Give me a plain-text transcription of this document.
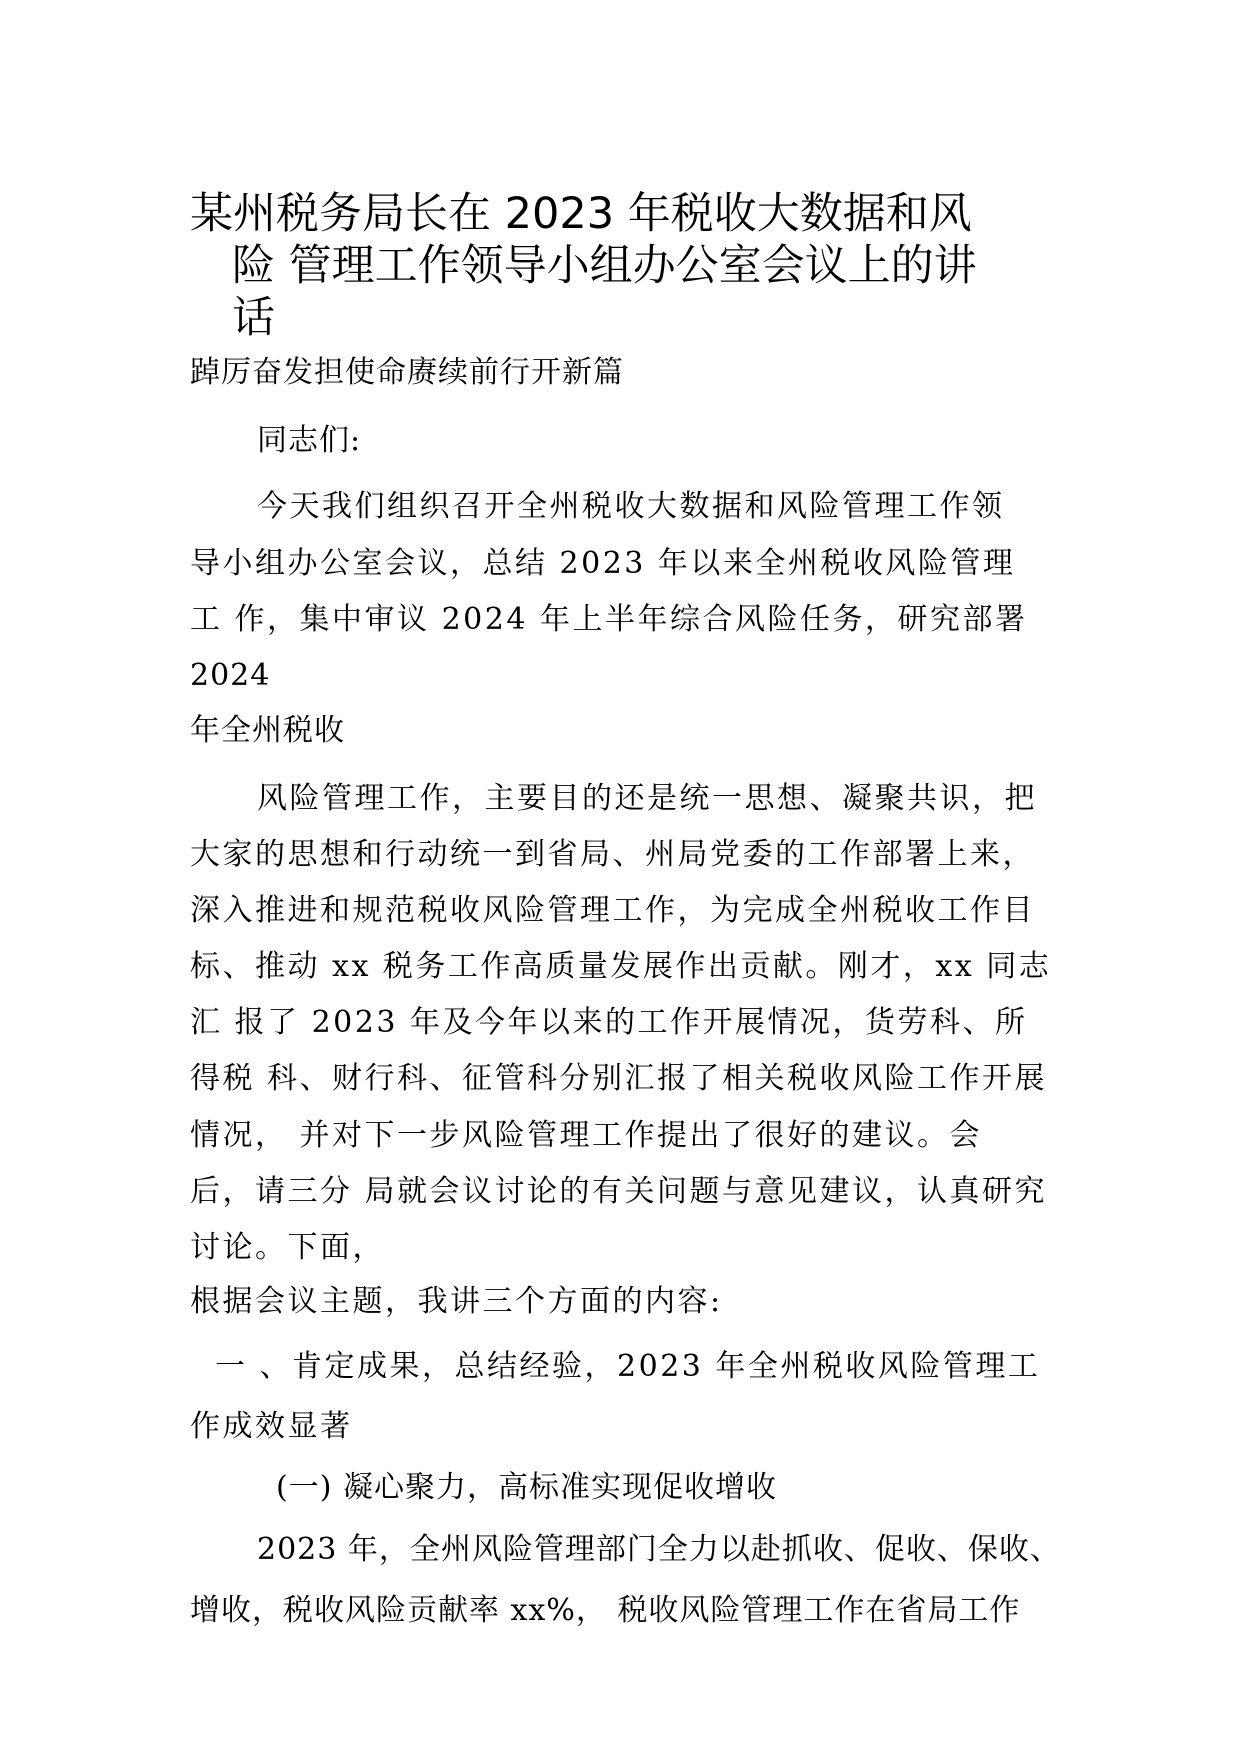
某州税务局长在 2023 年税收大数据和风
险 管理工作领导小组办公室会议上的讲
话

踔厉奋发担使命赓续前行开新篇

同志们:

今天我们组织召开全州税收大数据和风险管理工作领

导小组办公室会议，总结 2023 年以来全州税收风险管理

工 作，集中审议 2024 年上半年综合风险任务，研究部署

2024

年全州税收

风险管理工作，主要目的还是统一思想、凝聚共识，把

大家的思想和行动统一到省局、州局党委的工作部署上来，

深入推进和规范税收风险管理工作，为完成全州税收工作目

标、推动 xx 税务工作高质量发展作出贡献。刚才，xx 同志

汇 报了 2023 年及今年以来的工作开展情况，货劳科、所

得税 科、财行科、征管科分别汇报了相关税收风险工作开展

情况， 并对下一步风险管理工作提出了很好的建议。会

后，请三分 局就会议讨论的有关问题与意见建议，认真研究

讨论。下面，

根据会议主题，我讲三个方面的内容:

一 、肯定成果，总结经验，2023 年全州税收风险管理工

作成效显著

(一) 凝心聚力，高标准实现促收增收

2023 年，全州风险管理部门全力以赴抓收、促收、保收、

增收，税收风险贡献率 xx%， 税收风险管理工作在省局工作
